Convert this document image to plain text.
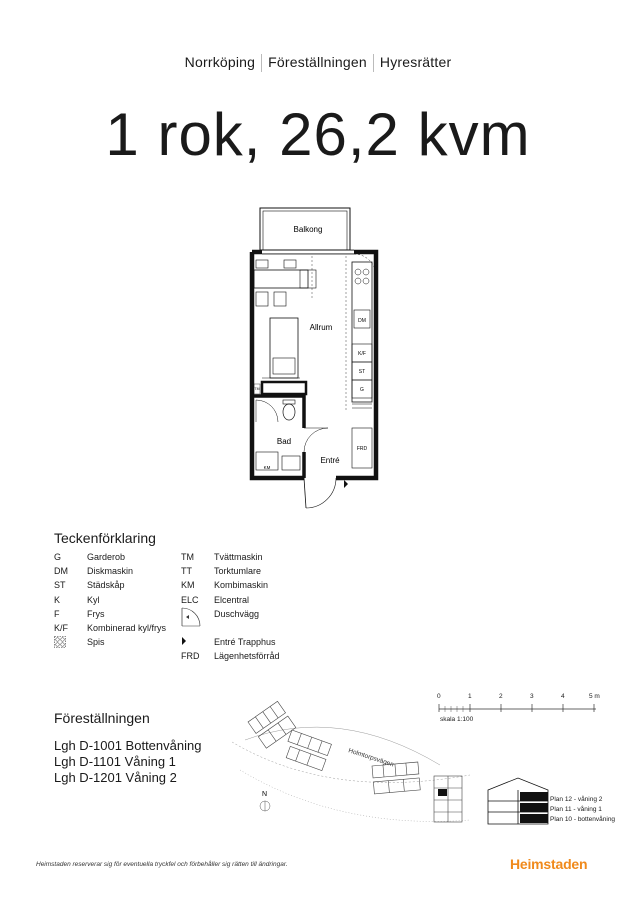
Norrköping Föreställningen Hyresrätter
1 rok, 26,2 kvm
Balkong
Allrum
Bad
Entré
DM
K/F
ST
G
FRD
KM
TM
Teckenförklaring
G	Garderob
DM	Diskmaskin
ST	Städskåp
K	Kyl
F	Frys
K/F	Kombinerad kyl/frys
Spis
TM	Tvättmaskin
TT	Torktumlare
KM	Kombimaskin
ELC	Elcentral
Duschvägg
Entré Trapphus
FRD	Lägenhetsförråd
Föreställningen
Lgh D-1001 Bottenvåning
Lgh D-1101 Våning 1
Lgh D-1201 Våning 2
0	1	2	3	4	5 m
skala 1:100
Holmtorpsvägen
N
Plan 12 - våning 2
Plan 11 - våning 1
Plan 10 - bottenvåning
Heimstaden reserverar sig för eventuella tryckfel och förbehåller sig rätten till ändringar.	Heimstaden
